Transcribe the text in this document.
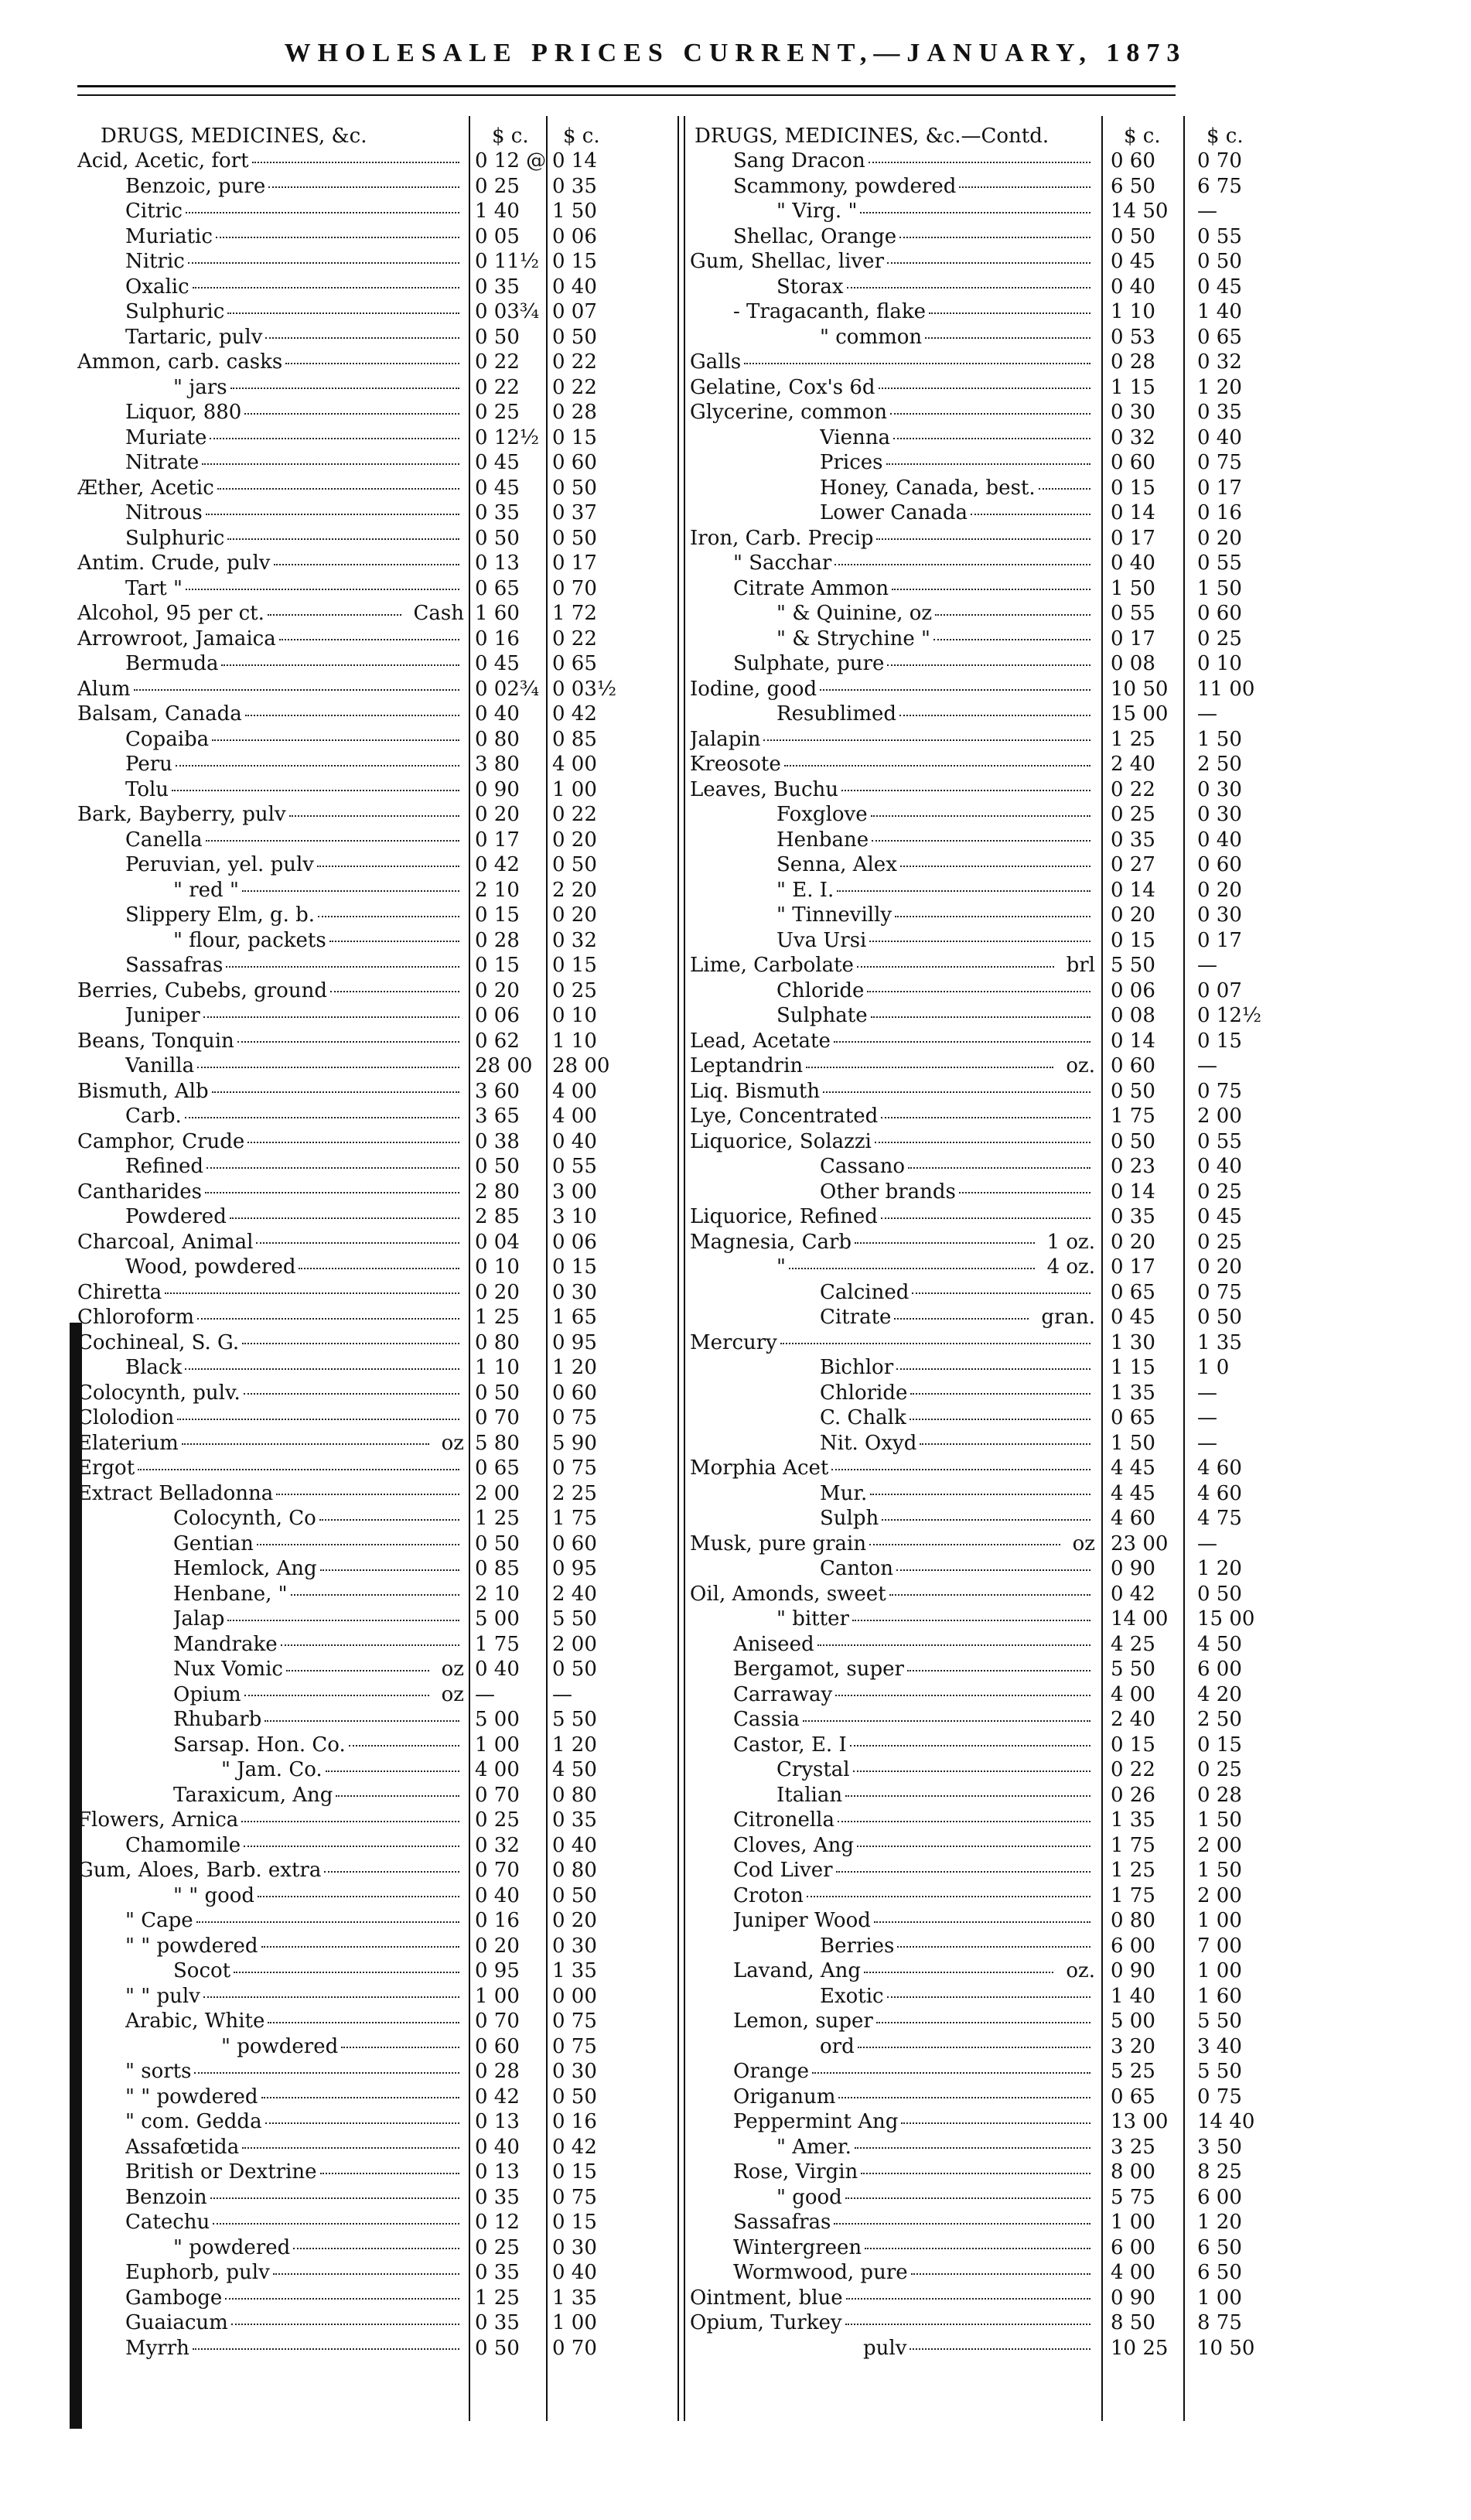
WHOLESALE PRICES CURRENT,—JANUARY, 1873
DRUGS, MEDICINES, &c.	$ c. $ c.
Acid, Acetic, fort	0 12 @ 0 14
Benzoic, pure	0 25 0 35
Citric	1 40 1 50
Muriatic	0 05 0 06
Nitric	0 11½ 0 15
Oxalic	0 35 0 40
Sulphuric	0 03¾ 0 07
Tartaric, pulv	0 50 0 50
Ammon, carb. casks	0 22 0 22
" jars	0 22 0 22
Liquor, 880	0 25 0 28
Muriate	0 12½ 0 15
Nitrate	0 45 0 60
Æther, Acetic	0 45 0 50
Nitrous	0 35 0 37
Sulphuric	0 50 0 50
Antim. Crude, pulv	0 13 0 17
Tart "	0 65 0 70
Alcohol, 95 per ct.	Cash 1 60 1 72
Arrowroot, Jamaica	0 16 0 22
Bermuda	0 45 0 65
Alum	0 02¾ 0 03½
Balsam, Canada	0 40 0 42
Copaiba	0 80 0 85
Peru	3 80 4 00
Tolu	0 90 1 00
Bark, Bayberry, pulv	0 20 0 22
Canella	0 17 0 20
Peruvian, yel. pulv	0 42 0 50
" red "	2 10 2 20
Slippery Elm, g. b.	0 15 0 20
" flour, packets	0 28 0 32
Sassafras	0 15 0 15
Berries, Cubebs, ground	0 20 0 25
Juniper	0 06 0 10
Beans, Tonquin	0 62 1 10
Vanilla	28 00 28 00
Bismuth, Alb	3 60 4 00
Carb.	3 65 4 00
Camphor, Crude	0 38 0 40
Refined	0 50 0 55
Cantharides	2 80 3 00
Powdered	2 85 3 10
Charcoal, Animal	0 04 0 06
Wood, powdered	0 10 0 15
Chiretta	0 20 0 30
Chloroform	1 25 1 65
Cochineal, S. G.	0 80 0 95
Black	1 10 1 20
Colocynth, pulv.	0 50 0 60
Clolodion	0 70 0 75
Elaterium	oz 5 80 5 90
Ergot	0 65 0 75
Extract Belladonna	2 00 2 25
Colocynth, Co	1 25 1 75
Gentian	0 50 0 60
Hemlock, Ang	0 85 0 95
Henbane, "	2 10 2 40
Jalap	5 00 5 50
Mandrake	1 75 2 00
Nux Vomic	oz 0 40 0 50
Opium	oz —	—
Rhubarb	5 00 5 50
Sarsap. Hon. Co.	1 00 1 20
" Jam. Co.	4 00 4 50
Taraxicum, Ang	0 70 0 80
Flowers, Arnica	0 25 0 35
Chamomile	0 32 0 40
Gum, Aloes, Barb. extra	0 70 0 80
" " good	0 40 0 50
" Cape	0 16 0 20
" " powdered	0 20 0 30
Socot	0 95 1 35
" " pulv	1 00 0 00
Arabic, White	0 70 0 75
" powdered	0 60 0 75
" sorts	0 28 0 30
" " powdered	0 42 0 50
" com. Gedda	0 13 0 16
Assafœtida	0 40 0 42
British or Dextrine	0 13 0 15
Benzoin	0 35 0 75
Catechu	0 12 0 15
" powdered	0 25 0 30
Euphorb, pulv	0 35 0 40
Gamboge	1 25 1 35
Guaiacum	0 35 1 00
Myrrh	0 50 0 70
DRUGS, MEDICINES, &c.—Contd.	$ c. $ c.
Sang Dracon	0 60 0 70
Scammony, powdered	6 50 6 75
" Virg. "	14 50 —
Shellac, Orange	0 50 0 55
Gum, Shellac, liver	0 45 0 50
Storax	0 40 0 45
- Tragacanth, flake	1 10 1 40
" common	0 53 0 65
Galls	0 28 0 32
Gelatine, Cox's 6d	1 15 1 20
Glycerine, common	0 30 0 35
Vienna	0 32 0 40
Prices	0 60 0 75
Honey, Canada, best.	0 15 0 17
Lower Canada	0 14 0 16
Iron, Carb. Precip	0 17 0 20
" Sacchar	0 40 0 55
Citrate Ammon	1 50 1 50
" & Quinine, oz	0 55 0 60
" & Strychine "	0 17 0 25
Sulphate, pure	0 08 0 10
Iodine, good	10 50 11 00
Resublimed	15 00 —
Jalapin	1 25 1 50
Kreosote	2 40 2 50
Leaves, Buchu	0 22 0 30
Foxglove	0 25 0 30
Henbane	0 35 0 40
Senna, Alex	0 27 0 60
" E. I.	0 14 0 20
" Tinnevilly	0 20 0 30
Uva Ursi	0 15 0 17
Lime, Carbolate	brl 5 50 —
Chloride	0 06 0 07
Sulphate	0 08 0 12½
Lead, Acetate	0 14 0 15
Leptandrin	oz. 0 60 —
Liq. Bismuth	0 50 0 75
Lye, Concentrated	1 75 2 00
Liquorice, Solazzi	0 50 0 55
Cassano	0 23 0 40
Other brands	0 14 0 25
Liquorice, Refined	0 35 0 45
Magnesia, Carb	1 oz. 0 20 0 25
"	4 oz. 0 17 0 20
Calcined	0 65 0 75
Citrate	gran. 0 45 0 50
Mercury	1 30 1 35
Bichlor	1 15 1 0
Chloride	1 35 —
C. Chalk	0 65 —
Nit. Oxyd	1 50 —
Morphia Acet	4 45 4 60
Mur.	4 45 4 60
Sulph	4 60 4 75
Musk, pure grain	oz 23 00 —
Canton	0 90 1 20
Oil, Amonds, sweet	0 42 0 50
" bitter	14 00 15 00
Aniseed	4 25 4 50
Bergamot, super	5 50 6 00
Carraway	4 00 4 20
Cassia	2 40 2 50
Castor, E. I	0 15 0 15
Crystal	0 22 0 25
Italian	0 26 0 28
Citronella	1 35 1 50
Cloves, Ang	1 75 2 00
Cod Liver	1 25 1 50
Croton	1 75 2 00
Juniper Wood	0 80 1 00
Berries	6 00 7 00
Lavand, Ang	oz. 0 90 1 00
Exotic	1 40 1 60
Lemon, super	5 00 5 50
ord	3 20 3 40
Orange	5 25 5 50
Origanum	0 65 0 75
Peppermint Ang	13 00 14 40
" Amer.	3 25 3 50
Rose, Virgin	8 00 8 25
" good	5 75 6 00
Sassafras	1 00 1 20
Wintergreen	6 00 6 50
Wormwood, pure	4 00 6 50
Ointment, blue	0 90 1 00
Opium, Turkey	8 50 8 75
pulv	10 25 10 50
